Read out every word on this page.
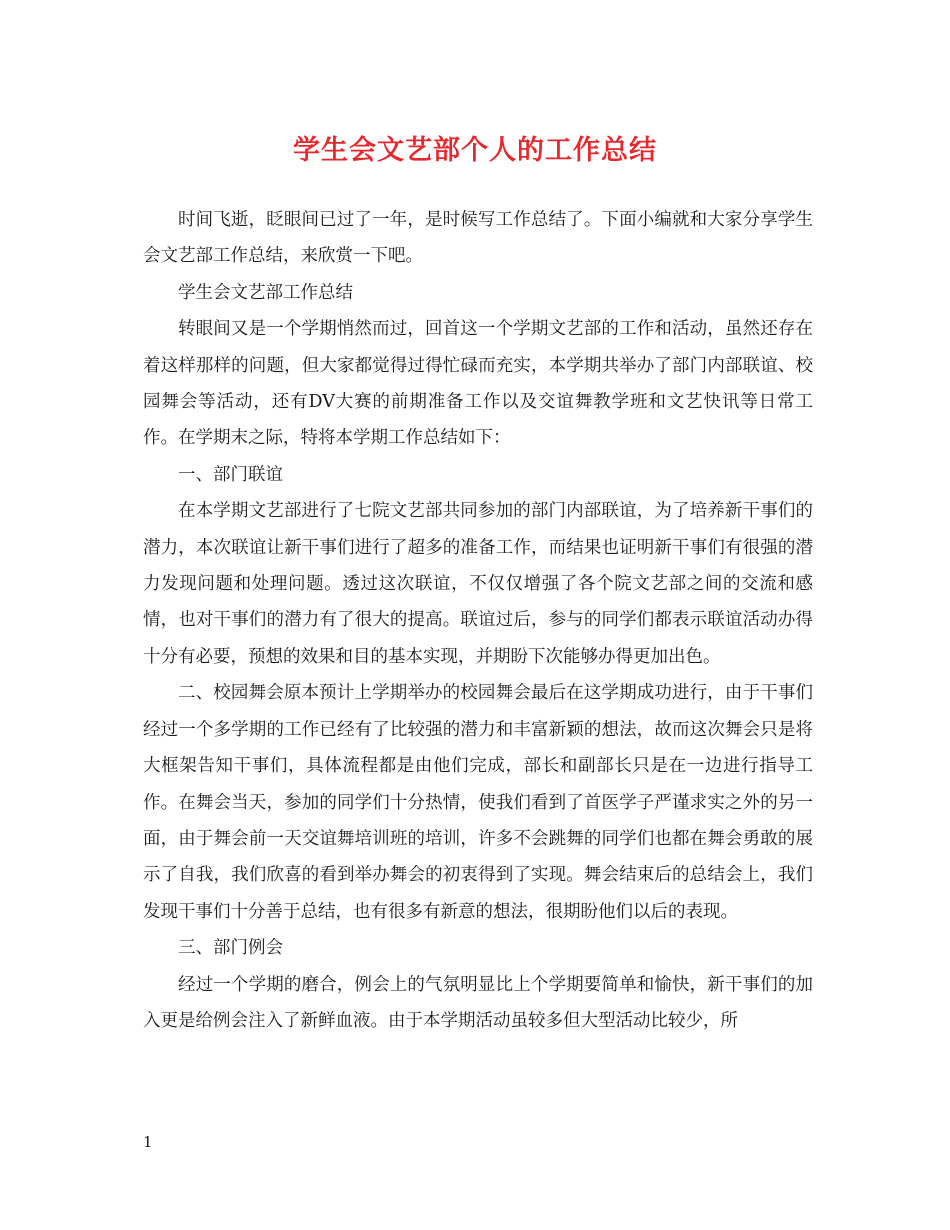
学生会文艺部个人的工作总结

时间飞逝，眨眼间已过了一年，是时候写工作总结了。下面小编就和大家分享学生会文艺部工作总结，来欣赏一下吧。

学生会文艺部工作总结

转眼间又是一个学期悄然而过，回首这一个学期文艺部的工作和活动，虽然还存在着这样那样的问题，但大家都觉得过得忙碌而充实，本学期共举办了部门内部联谊、校园舞会等活动，还有DV大赛的前期准备工作以及交谊舞教学班和文艺快讯等日常工作。在学期末之际，特将本学期工作总结如下：

一、部门联谊

在本学期文艺部进行了七院文艺部共同参加的部门内部联谊，为了培养新干事们的潜力，本次联谊让新干事们进行了超多的准备工作，而结果也证明新干事们有很强的潜力发现问题和处理问题。透过这次联谊，不仅仅增强了各个院文艺部之间的交流和感情，也对干事们的潜力有了很大的提高。联谊过后，参与的同学们都表示联谊活动办得十分有必要，预想的效果和目的基本实现，并期盼下次能够办得更加出色。

二、校园舞会原本预计上学期举办的校园舞会最后在这学期成功进行，由于干事们经过一个多学期的工作已经有了比较强的潜力和丰富新颖的想法，故而这次舞会只是将大框架告知干事们，具体流程都是由他们完成，部长和副部长只是在一边进行指导工作。在舞会当天，参加的同学们十分热情，使我们看到了首医学子严谨求实之外的另一面，由于舞会前一天交谊舞培训班的培训，许多不会跳舞的同学们也都在舞会勇敢的展示了自我，我们欣喜的看到举办舞会的初衷得到了实现。舞会结束后的总结会上，我们发现干事们十分善于总结，也有很多有新意的想法，很期盼他们以后的表现。

三、部门例会

经过一个学期的磨合，例会上的气氛明显比上个学期要简单和愉快，新干事们的加入更是给例会注入了新鲜血液。由于本学期活动虽较多但大型活动比较少，所

1
